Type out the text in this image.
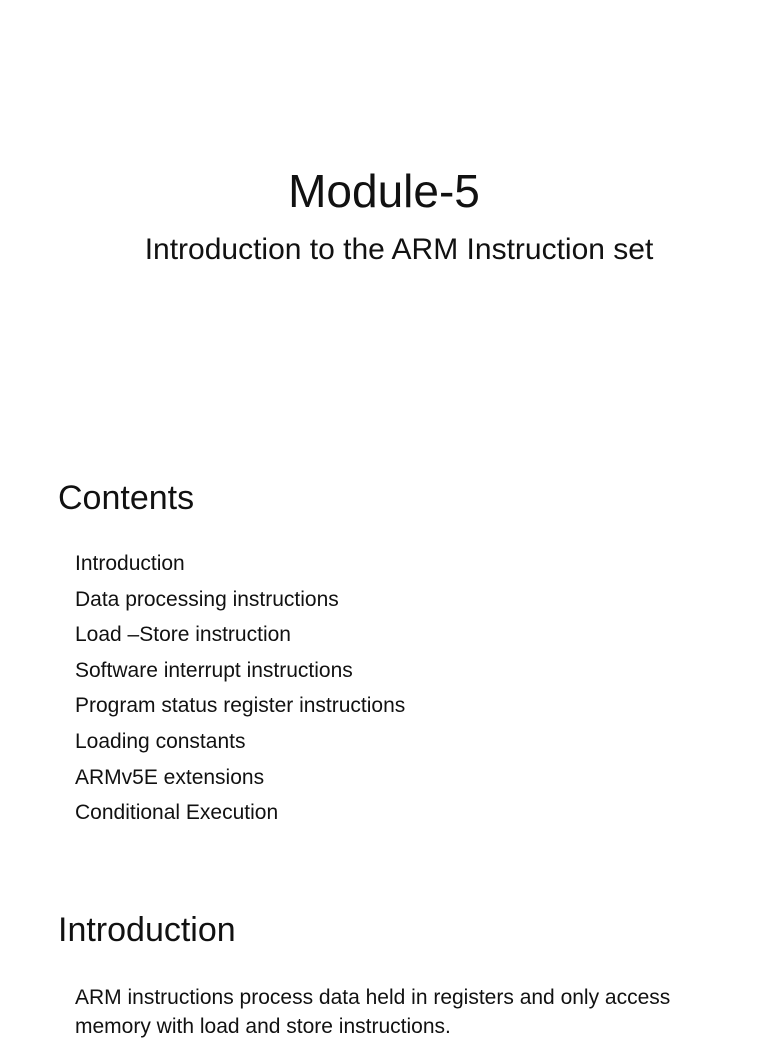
Module-5

Introduction to the ARM Instruction set

Contents
Introduction
Data processing instructions
Load –Store instruction
Software interrupt instructions
Program status register instructions
Loading constants
ARMv5E extensions
Conditional Execution
Introduction

ARM instructions process data held in registers and only access memory with load and store instructions.
